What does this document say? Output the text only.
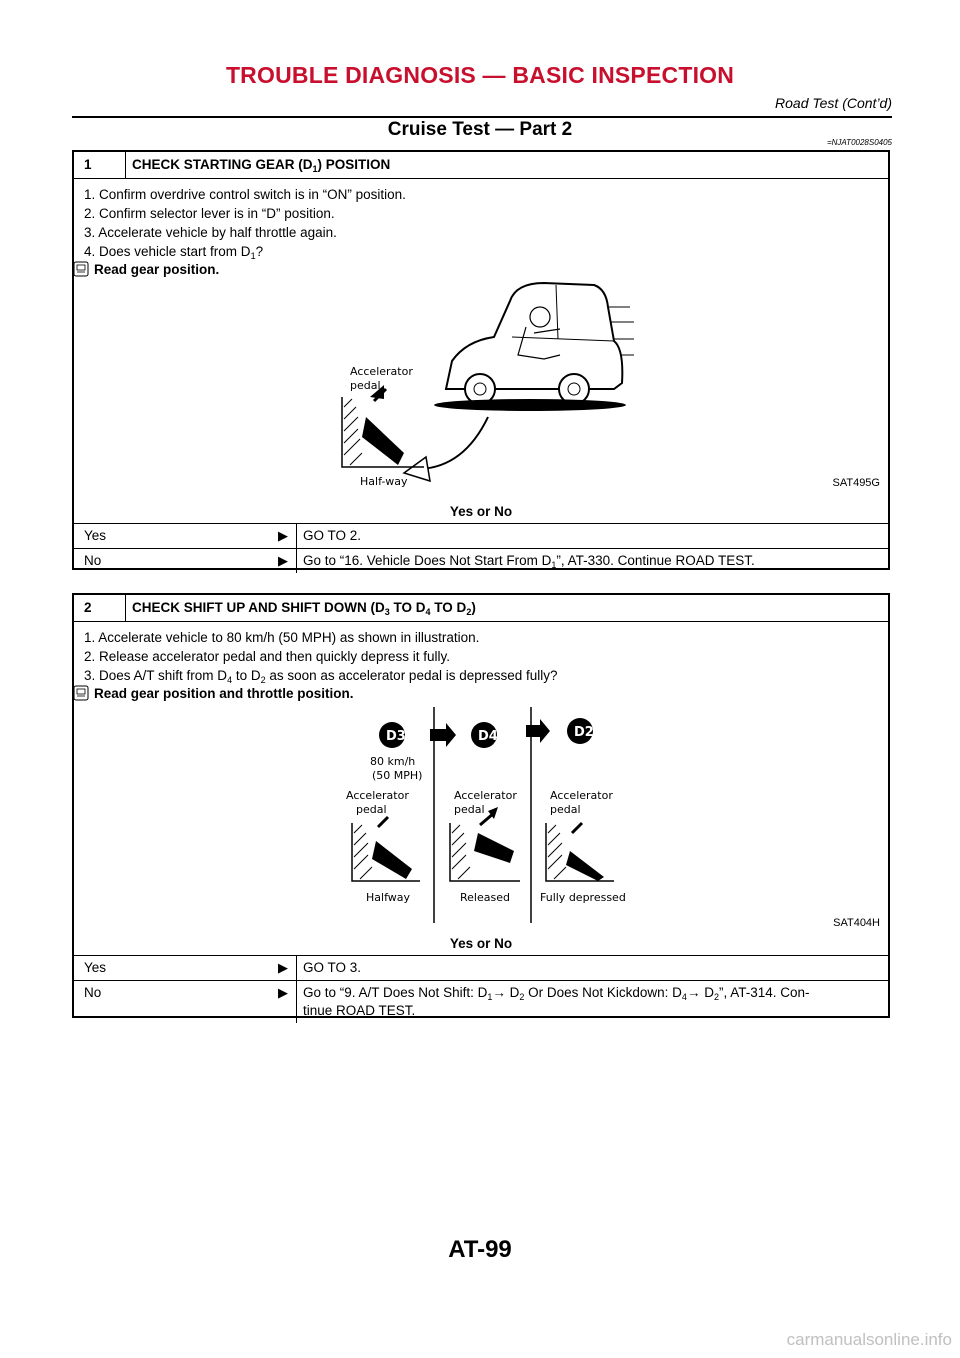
TROUBLE DIAGNOSIS — BASIC INSPECTION
Road Test (Cont’d)
Cruise Test — Part 2
=NJAT0028S0405
1	CHECK STARTING GEAR $(D_1)$ POSITION
1. Confirm overdrive control switch is in “ON” position.
2. Confirm selector lever is in “D” position.
3. Accelerate vehicle by half throttle again.
4. Does vehicle start from $D_1$?
Read gear position.
Accelerator
pedal
Half-way	SAT495G
Yes or No
Yes	▶	GO TO 2.
No	▶	Go to “16. Vehicle Does Not Start From $D_1$”, AT-330. Continue ROAD TEST.
2	CHECK SHIFT UP AND SHIFT DOWN ($D_3$ TO $D_4$ TO $D_2$)
1. Accelerate vehicle to 80 km/h (50 MPH) as shown in illustration.
2. Release accelerator pedal and then quickly depress it fully.
3. Does A/T shift from $D_4$ to $D_2$ as soon as accelerator pedal is depressed fully?
Read gear position and throttle position.
D3	D4	D2
80 km/h
(50 MPH)
Accelerator
pedal
Accelerator
pedal
Accelerator
pedal
Halfway	Released	Fully depressed
SAT404H
Yes or No
Yes	▶	GO TO 3.
No	▶	Go to “9. A/T Does Not Shift: $D_1\to D_2$ Or Does Not Kickdown: $D_4\to D_2$”, AT-314. Con-
tinue ROAD TEST.
AT-99
carmanualsonline.info
